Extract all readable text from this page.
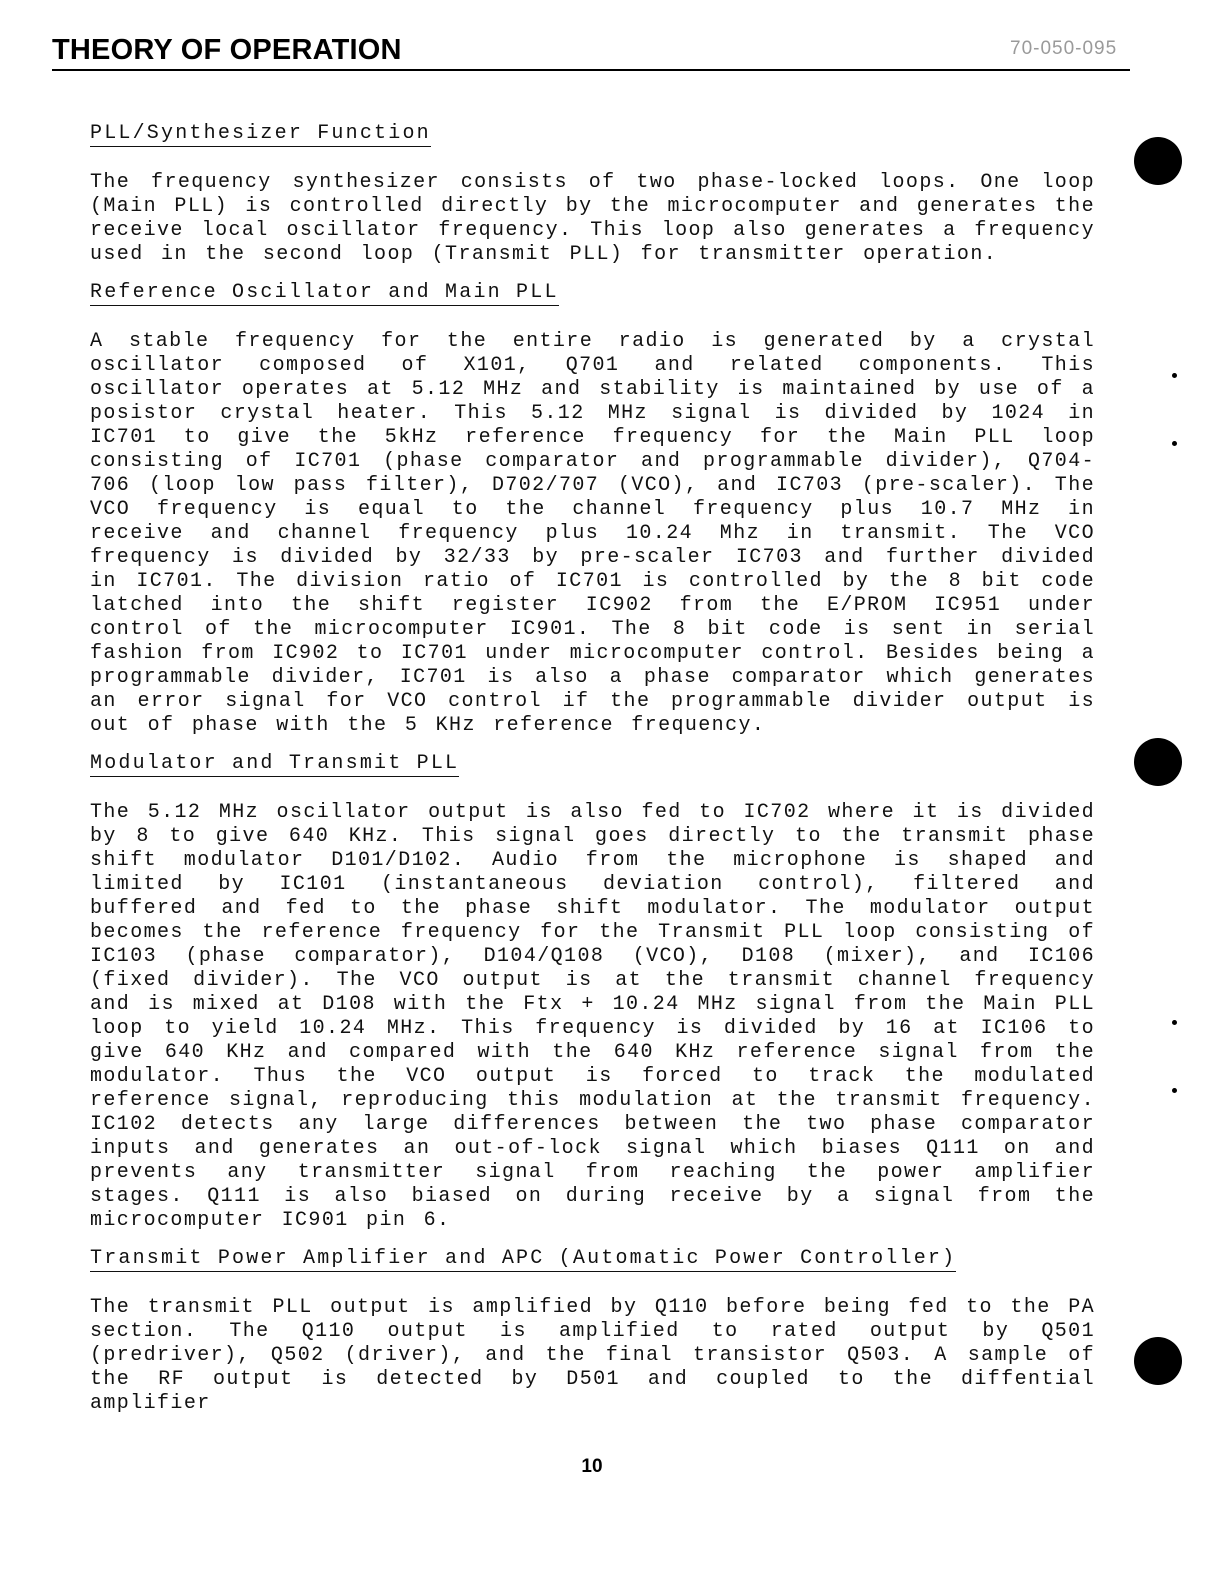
THEORY OF OPERATION	70-050-095
PLL/Synthesizer Function

The frequency synthesizer consists of two phase-locked loops. One loop (Main PLL) is controlled directly by the microcomputer and generates the receive local oscillator frequency. This loop also generates a frequency used in the second loop (Transmit PLL) for transmitter operation.

Reference Oscillator and Main PLL

A stable frequency for the entire radio is generated by a crystal oscillator composed of X101, Q701 and related components. This oscillator operates at 5.12 MHz and stability is maintained by use of a posistor crystal heater. This 5.12 MHz signal is divided by 1024 in IC701 to give the 5kHz reference frequency for the Main PLL loop consisting of IC701 (phase comparator and programmable divider), Q704-706 (loop low pass filter), D702/707 (VCO), and IC703 (pre-scaler). The VCO frequency is equal to the channel frequency plus 10.7 MHz in receive and channel frequency plus 10.24 Mhz in transmit. The VCO frequency is divided by 32/33 by pre-scaler IC703 and further divided in IC701. The division ratio of IC701 is controlled by the 8 bit code latched into the shift register IC902 from the E/PROM IC951 under control of the microcomputer IC901. The 8 bit code is sent in serial fashion from IC902 to IC701 under microcomputer control. Besides being a programmable divider, IC701 is also a phase comparator which generates an error signal for VCO control if the programmable divider output is out of phase with the 5 KHz reference frequency.

Modulator and Transmit PLL

The 5.12 MHz oscillator output is also fed to IC702 where it is divided by 8 to give 640 KHz. This signal goes directly to the transmit phase shift modulator D101/D102. Audio from the microphone is shaped and limited by IC101 (instantaneous deviation control), filtered and buffered and fed to the phase shift modulator. The modulator output becomes the reference frequency for the Transmit PLL loop consisting of IC103 (phase comparator), D104/Q108 (VCO), D108 (mixer), and IC106 (fixed divider). The VCO output is at the transmit channel frequency and is mixed at D108 with the Ftx + 10.24 MHz signal from the Main PLL loop to yield 10.24 MHz. This frequency is divided by 16 at IC106 to give 640 KHz and compared with the 640 KHz reference signal from the modulator. Thus the VCO output is forced to track the modulated reference signal, reproducing this modulation at the transmit frequency. IC102 detects any large differences between the two phase comparator inputs and generates an out-of-lock signal which biases Q111 on and prevents any transmitter signal from reaching the power amplifier stages. Q111 is also biased on during receive by a signal from the microcomputer IC901 pin 6.

Transmit Power Amplifier and APC (Automatic Power Controller)

The transmit PLL output is amplified by Q110 before being fed to the PA section. The Q110 output is amplified to rated output by Q501 (predriver), Q502 (driver), and the final transistor Q503. A sample of the RF output is detected by D501 and coupled to the diffential amplifier

10
